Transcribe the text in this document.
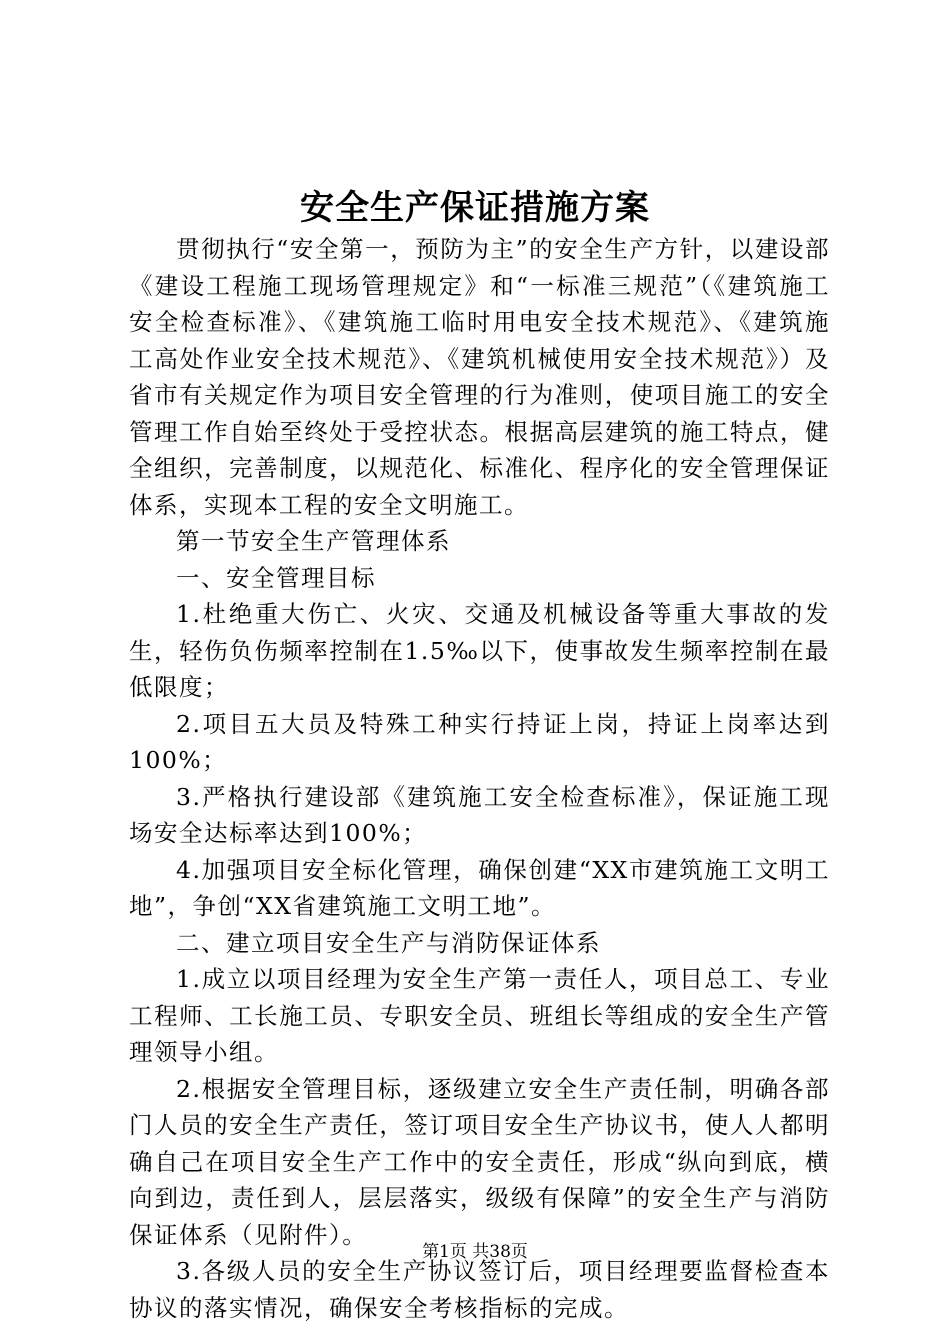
安全生产保证措施方案

贯彻执行“安全第一，预防为主”的安全生产方针，以建设部《建设工程施工现场管理规定》和“一标准三规范”（《建筑施工安全检查标准》、《建筑施工临时用电安全技术规范》、《建筑施工高处作业安全技术规范》、《建筑机械使用安全技术规范》）及省市有关规定作为项目安全管理的行为准则，使项目施工的安全管理工作自始至终处于受控状态。根据高层建筑的施工特点，健全组织，完善制度，以规范化、标准化、程序化的安全管理保证体系，实现本工程的安全文明施工。

第一节安全生产管理体系

一、安全管理目标

1.杜绝重大伤亡、火灾、交通及机械设备等重大事故的发生，轻伤负伤频率控制在1.5‰以下，使事故发生频率控制在最低限度；

2.项目五大员及特殊工种实行持证上岗，持证上岗率达到100%；

3.严格执行建设部《建筑施工安全检查标准》，保证施工现场安全达标率达到100%；

4.加强项目安全标化管理，确保创建“XX市建筑施工文明工地”，争创“XX省建筑施工文明工地”。

二、建立项目安全生产与消防保证体系

1.成立以项目经理为安全生产第一责任人，项目总工、专业工程师、工长施工员、专职安全员、班组长等组成的安全生产管理领导小组。

2.根据安全管理目标，逐级建立安全生产责任制，明确各部门人员的安全生产责任，签订项目安全生产协议书，使人人都明确自己在项目安全生产工作中的安全责任，形成“纵向到底，横向到边，责任到人，层层落实，级级有保障”的安全生产与消防保证体系（见附件）。

3.各级人员的安全生产协议签订后，项目经理要监督检查本协议的落实情况，确保安全考核指标的完成。

第1页 共38页
